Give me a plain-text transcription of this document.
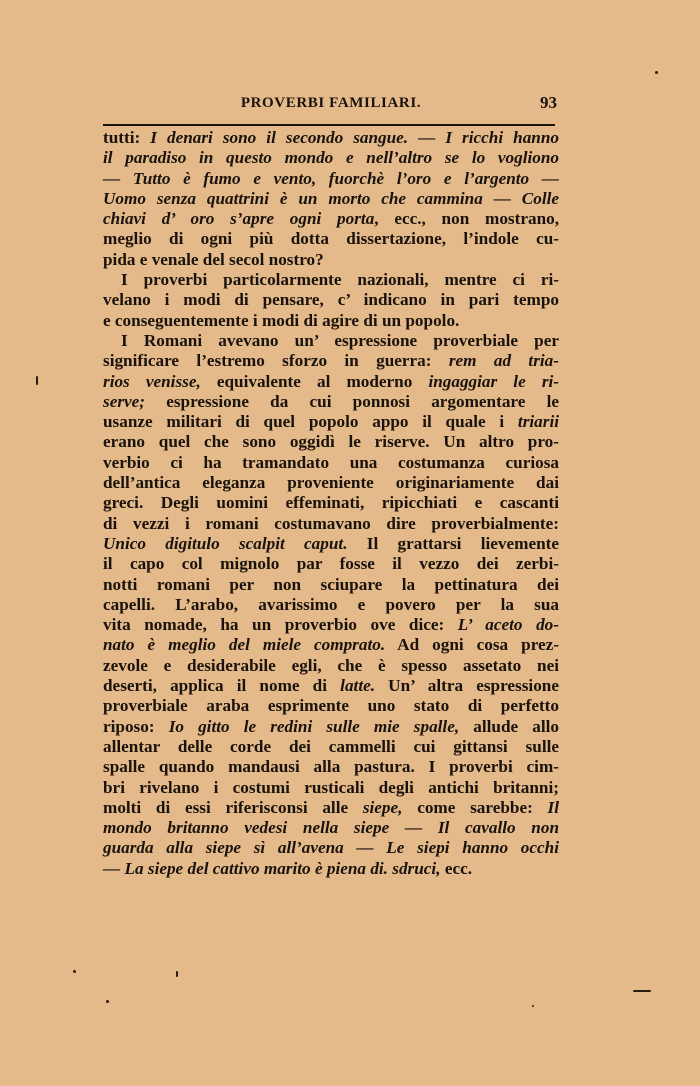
PROVERBI FAMILIARI.	93
tutti: I denari sono il secondo sangue. — I ricchi hanno
il paradiso in questo mondo e nell’altro se lo vogliono
— Tutto è fumo e vento, fuorchè l’oro e l’argento —
Uomo senza quattrini è un morto che cammina — Colle
chiavi d’ oro s’apre ogni porta, ecc., non mostrano,
meglio di ogni più dotta dissertazione, l’indole cu-
pida e venale del secol nostro?
I proverbi particolarmente nazionali, mentre ci ri-
velano i modi di pensare, c’ indicano in pari tempo
e conseguentemente i modi di agire di un popolo.
I Romani avevano un’ espressione proverbiale per
significare l’estremo sforzo in guerra: rem ad tria-
rios venisse, equivalente al moderno ingaggiar le ri-
serve; espressione da cui ponnosi argomentare le
usanze militari di quel popolo appo il quale i triarii
erano quel che sono oggidì le riserve. Un altro pro-
verbio ci ha tramandato una costumanza curiosa
dell’antica eleganza proveniente originariamente dai
greci. Degli uomini effeminati, ripicchiati e cascanti
di vezzi i romani costumavano dire proverbialmente:
Unico digitulo scalpit caput. Il grattarsi lievemente
il capo col mignolo par fosse il vezzo dei zerbi-
notti romani per non sciupare la pettinatura dei
capelli. L’arabo, avarissimo e povero per la sua
vita nomade, ha un proverbio ove dice: L’ aceto do-
nato è meglio del miele comprato. Ad ogni cosa prez-
zevole e desiderabile egli, che è spesso assetato nei
deserti, applica il nome di latte. Un’ altra espressione
proverbiale araba esprimente uno stato di perfetto
riposo: Io gitto le redini sulle mie spalle, allude allo
allentar delle corde dei cammelli cui gittansi sulle
spalle quando mandausi alla pastura. I proverbi cim-
bri rivelano i costumi rusticali degli antichi britanni;
molti di essi riferisconsi alle siepe, come sarebbe: Il
mondo britanno vedesi nella siepe — Il cavallo non
guarda alla siepe sì all’avena — Le siepi hanno occhi
— La siepe del cattivo marito è piena di. sdruci, ecc.
